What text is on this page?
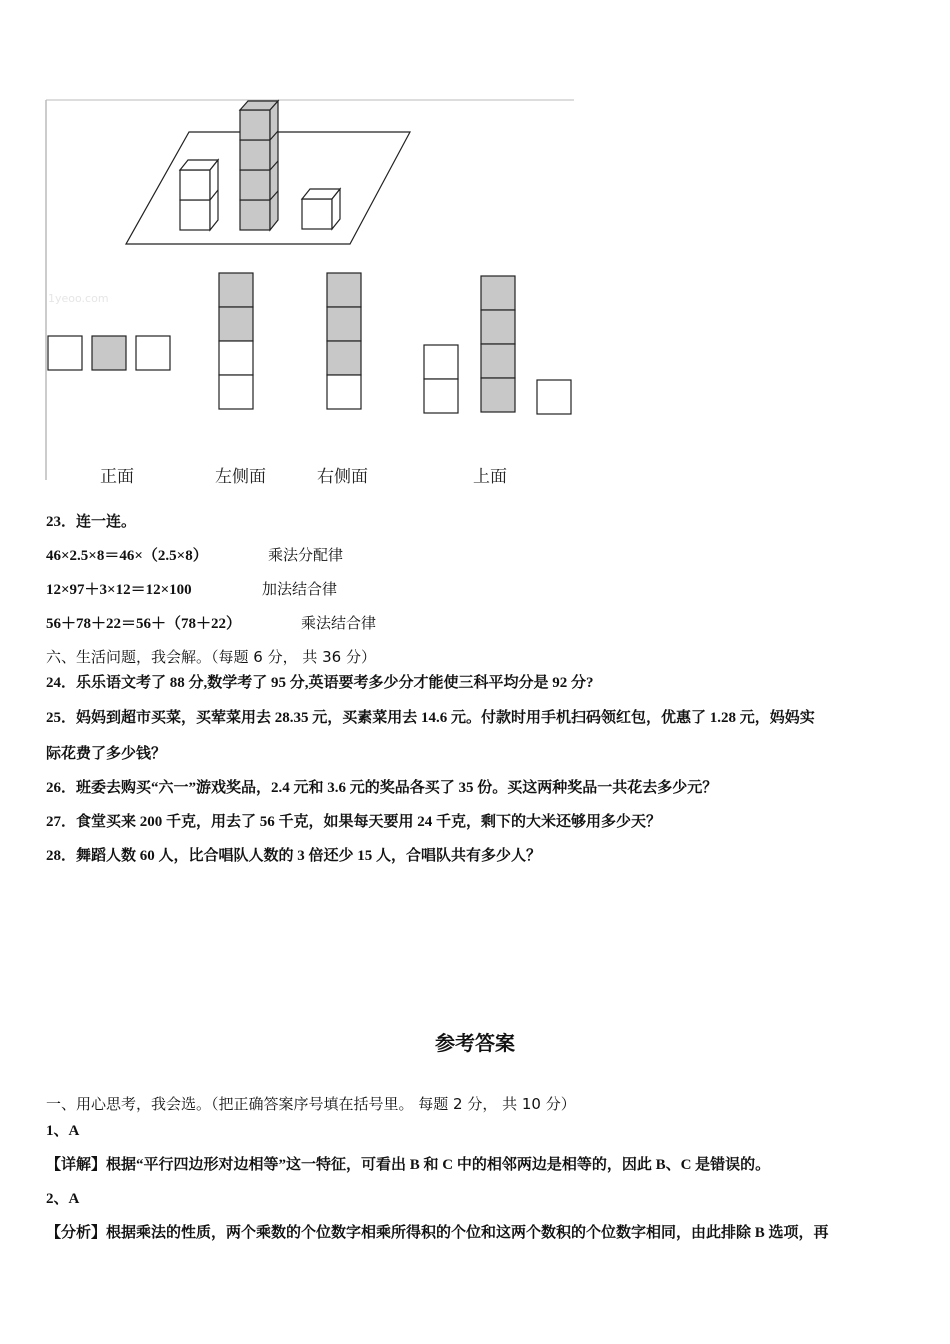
1yeoo.com
正面	左侧面	右侧面	上面
23．连一连。
46×2.5×8＝46×（2.5×8）	乘法分配律
12×97＋3×12＝12×100	加法结合律
56＋78＋22＝56＋（78＋22）	乘法结合律
六、生活问题，我会解。（每题 6 分， 共 36 分）
24．乐乐语文考了 88 分,数学考了 95 分,英语要考多少分才能使三科平均分是 92 分?
25．妈妈到超市买菜，买荤菜用去 28.35 元，买素菜用去 14.6 元。付款时用手机扫码领红包，优惠了 1.28 元，妈妈实
际花费了多少钱？
26．班委去购买“六一”游戏奖品，2.4 元和 3.6 元的奖品各买了 35 份。买这两种奖品一共花去多少元？
27．食堂买来 200 千克，用去了 56 千克，如果每天要用 24 千克，剩下的大米还够用多少天？
28．舞蹈人数 60 人，比合唱队人数的 3 倍还少 15 人，合唱队共有多少人？
参考答案
一、用心思考，我会选。（把正确答案序号填在括号里。 每题 2 分， 共 10 分）
1、A
【详解】根据“平行四边形对边相等”这一特征，可看出 B 和 C 中的相邻两边是相等的，因此 B、C 是错误的。
2、A
【分析】根据乘法的性质，两个乘数的个位数字相乘所得积的个位和这两个数积的个位数字相同，由此排除 B 选项，再
